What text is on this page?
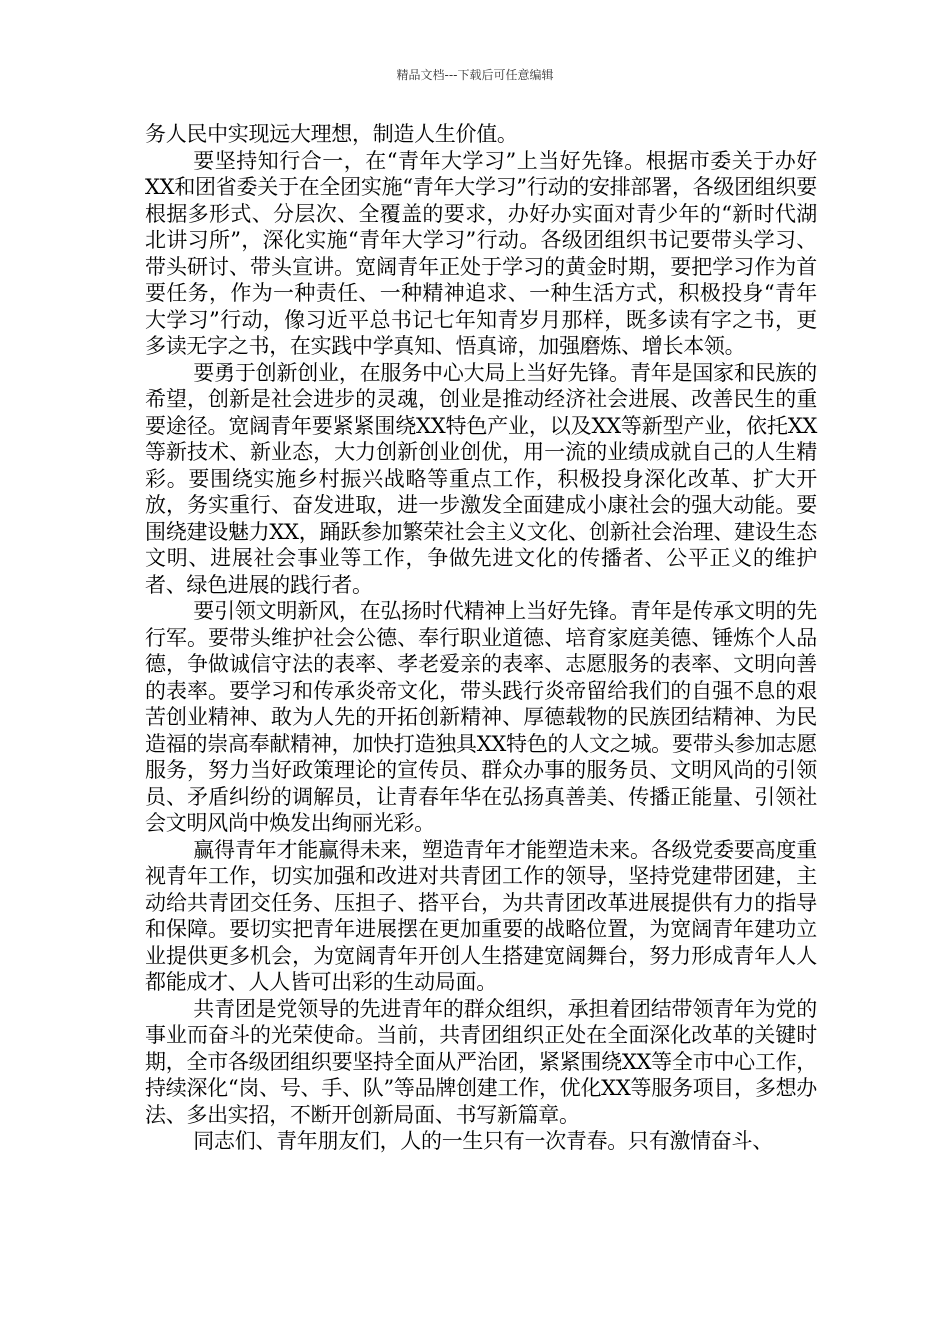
精品文档---下载后可任意编辑

务人民中实现远大理想，制造人生价值。

要坚持知行合一，在“青年大学习”上当好先锋。根据市委关于办好XX和团省委关于在全团实施“青年大学习”行动的安排部署，各级团组织要根据多形式、分层次、全覆盖的要求，办好办实面对青少年的“新时代湖北讲习所”，深化实施“青年大学习”行动。各级团组织书记要带头学习、带头研讨、带头宣讲。宽阔青年正处于学习的黄金时期，要把学习作为首要任务，作为一种责任、一种精神追求、一种生活方式，积极投身“青年大学习”行动，像习近平总书记七年知青岁月那样，既多读有字之书，更多读无字之书，在实践中学真知、悟真谛，加强磨炼、增长本领。

要勇于创新创业，在服务中心大局上当好先锋。青年是国家和民族的希望，创新是社会进步的灵魂，创业是推动经济社会进展、改善民生的重要途径。宽阔青年要紧紧围绕XX特色产业，以及XX等新型产业，依托XX等新技术、新业态，大力创新创业创优，用一流的业绩成就自己的人生精彩。要围绕实施乡村振兴战略等重点工作，积极投身深化改革、扩大开放，务实重行、奋发进取，进一步激发全面建成小康社会的强大动能。要围绕建设魅力XX，踊跃参加繁荣社会主义文化、创新社会治理、建设生态文明、进展社会事业等工作，争做先进文化的传播者、公平正义的维护者、绿色进展的践行者。

要引领文明新风，在弘扬时代精神上当好先锋。青年是传承文明的先行军。要带头维护社会公德、奉行职业道德、培育家庭美德、锤炼个人品德，争做诚信守法的表率、孝老爱亲的表率、志愿服务的表率、文明向善的表率。要学习和传承炎帝文化，带头践行炎帝留给我们的自强不息的艰苦创业精神、敢为人先的开拓创新精神、厚德载物的民族团结精神、为民造福的崇高奉献精神，加快打造独具XX特色的人文之城。要带头参加志愿服务，努力当好政策理论的宣传员、群众办事的服务员、文明风尚的引领员、矛盾纠纷的调解员，让青春年华在弘扬真善美、传播正能量、引领社会文明风尚中焕发出绚丽光彩。

赢得青年才能赢得未来，塑造青年才能塑造未来。各级党委要高度重视青年工作，切实加强和改进对共青团工作的领导，坚持党建带团建，主动给共青团交任务、压担子、搭平台，为共青团改革进展提供有力的指导和保障。要切实把青年进展摆在更加重要的战略位置，为宽阔青年建功立业提供更多机会，为宽阔青年开创人生搭建宽阔舞台，努力形成青年人人都能成才、人人皆可出彩的生动局面。

共青团是党领导的先进青年的群众组织，承担着团结带领青年为党的事业而奋斗的光荣使命。当前，共青团组织正处在全面深化改革的关键时期，全市各级团组织要坚持全面从严治团，紧紧围绕XX等全市中心工作，持续深化“岗、号、手、队”等品牌创建工作，优化XX等服务项目，多想办法、多出实招，不断开创新局面、书写新篇章。

同志们、青年朋友们，人的一生只有一次青春。只有激情奋斗、
